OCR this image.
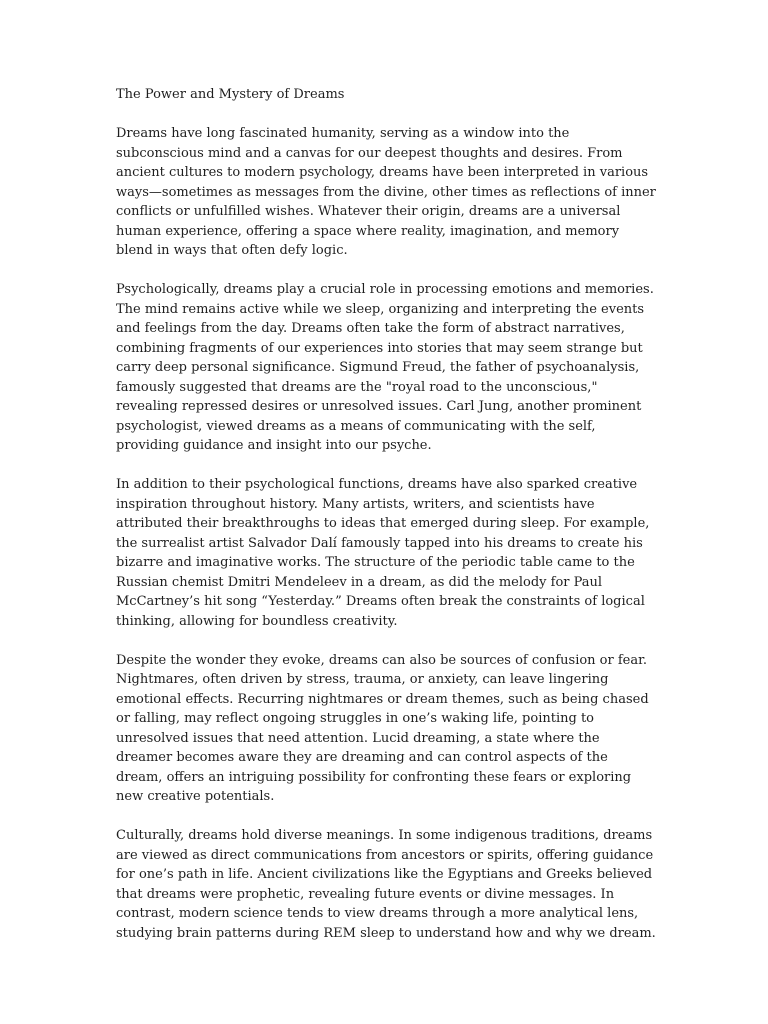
The Power and Mystery of Dreams

Dreams have long fascinated humanity, serving as a window into the subconscious mind and a canvas for our deepest thoughts and desires. From ancient cultures to modern psychology, dreams have been interpreted in various ways—sometimes as messages from the divine, other times as reflections of inner conflicts or unfulfilled wishes. Whatever their origin, dreams are a universal human experience, offering a space where reality, imagination, and memory blend in ways that often defy logic.

Psychologically, dreams play a crucial role in processing emotions and memories. The mind remains active while we sleep, organizing and interpreting the events and feelings from the day. Dreams often take the form of abstract narratives, combining fragments of our experiences into stories that may seem strange but carry deep personal significance. Sigmund Freud, the father of psychoanalysis, famously suggested that dreams are the "royal road to the unconscious," revealing repressed desires or unresolved issues. Carl Jung, another prominent psychologist, viewed dreams as a means of communicating with the self, providing guidance and insight into our psyche.

In addition to their psychological functions, dreams have also sparked creative inspiration throughout history. Many artists, writers, and scientists have attributed their breakthroughs to ideas that emerged during sleep. For example, the surrealist artist Salvador Dalí famously tapped into his dreams to create his bizarre and imaginative works. The structure of the periodic table came to the Russian chemist Dmitri Mendeleev in a dream, as did the melody for Paul McCartney’s hit song “Yesterday.” Dreams often break the constraints of logical thinking, allowing for boundless creativity.

Despite the wonder they evoke, dreams can also be sources of confusion or fear. Nightmares, often driven by stress, trauma, or anxiety, can leave lingering emotional effects. Recurring nightmares or dream themes, such as being chased or falling, may reflect ongoing struggles in one’s waking life, pointing to unresolved issues that need attention. Lucid dreaming, a state where the dreamer becomes aware they are dreaming and can control aspects of the dream, offers an intriguing possibility for confronting these fears or exploring new creative potentials.

Culturally, dreams hold diverse meanings. In some indigenous traditions, dreams are viewed as direct communications from ancestors or spirits, offering guidance for one’s path in life. Ancient civilizations like the Egyptians and Greeks believed that dreams were prophetic, revealing future events or divine messages. In contrast, modern science tends to view dreams through a more analytical lens, studying brain patterns during REM sleep to understand how and why we dream.
